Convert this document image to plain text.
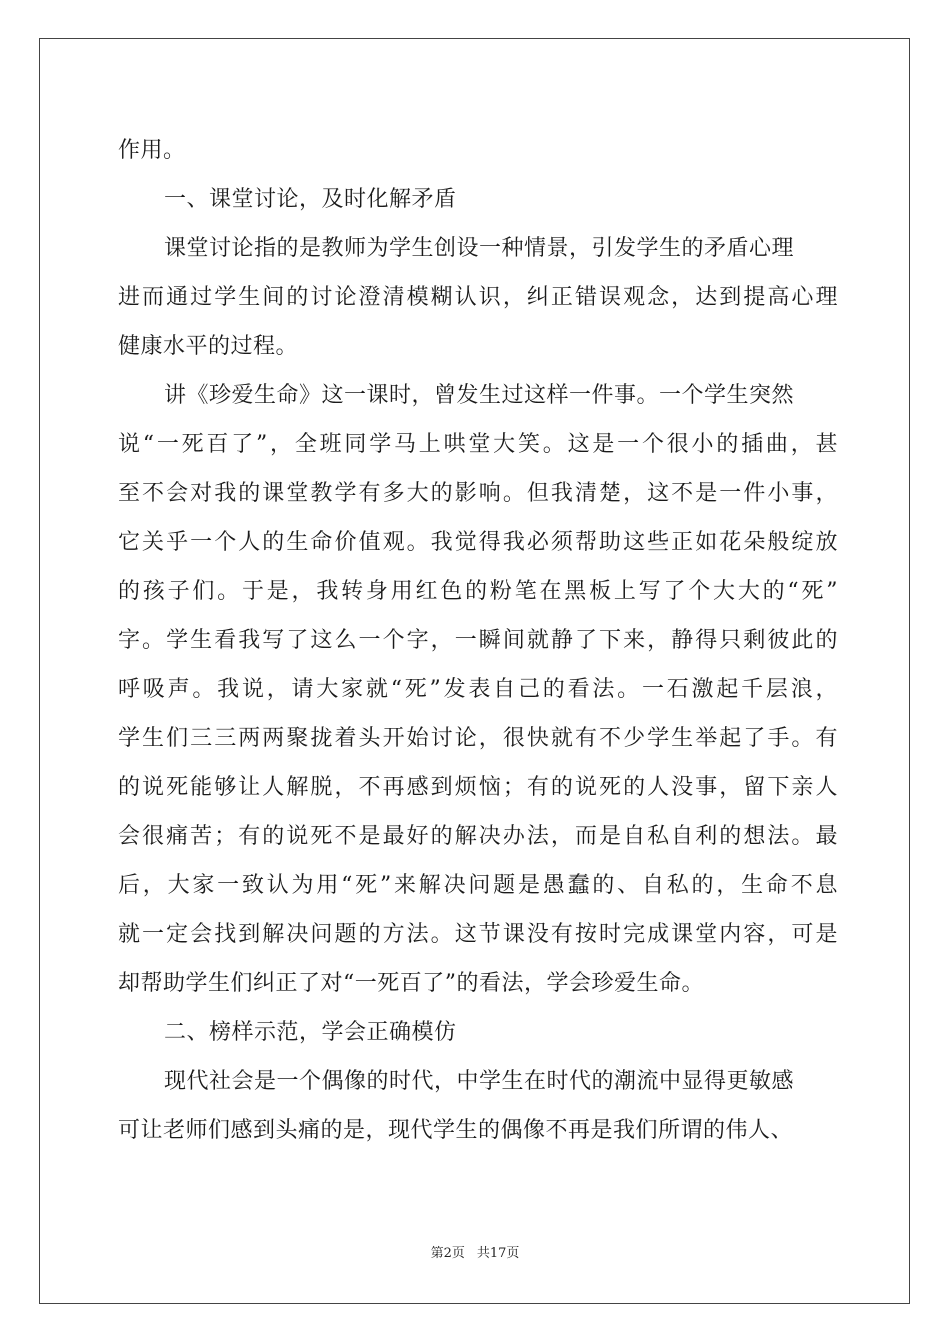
作用。
一、课堂讨论，及时化解矛盾
课堂讨论指的是教师为学生创设一种情景，引发学生的矛盾心理
进而通过学生间的讨论澄清模糊认识，纠正错误观念，达到提高心理
健康水平的过程。
讲《珍爱生命》这一课时，曾发生过这样一件事。一个学生突然
说“一死百了”，全班同学马上哄堂大笑。这是一个很小的插曲，甚
至不会对我的课堂教学有多大的影响。但我清楚，这不是一件小事，
它关乎一个人的生命价值观。我觉得我必须帮助这些正如花朵般绽放
的孩子们。于是，我转身用红色的粉笔在黑板上写了个大大的“死”
字。学生看我写了这么一个字，一瞬间就静了下来，静得只剩彼此的
呼吸声。我说，请大家就“死”发表自己的看法。一石激起千层浪，
学生们三三两两聚拢着头开始讨论，很快就有不少学生举起了手。有
的说死能够让人解脱，不再感到烦恼；有的说死的人没事，留下亲人
会很痛苦；有的说死不是最好的解决办法，而是自私自利的想法。最
后，大家一致认为用“死”来解决问题是愚蠢的、自私的，生命不息
就一定会找到解决问题的方法。这节课没有按时完成课堂内容，可是
却帮助学生们纠正了对“一死百了”的看法，学会珍爱生命。
二、榜样示范，学会正确模仿
现代社会是一个偶像的时代，中学生在时代的潮流中显得更敏感
可让老师们感到头痛的是，现代学生的偶像不再是我们所谓的伟人、
第2页 共17页
